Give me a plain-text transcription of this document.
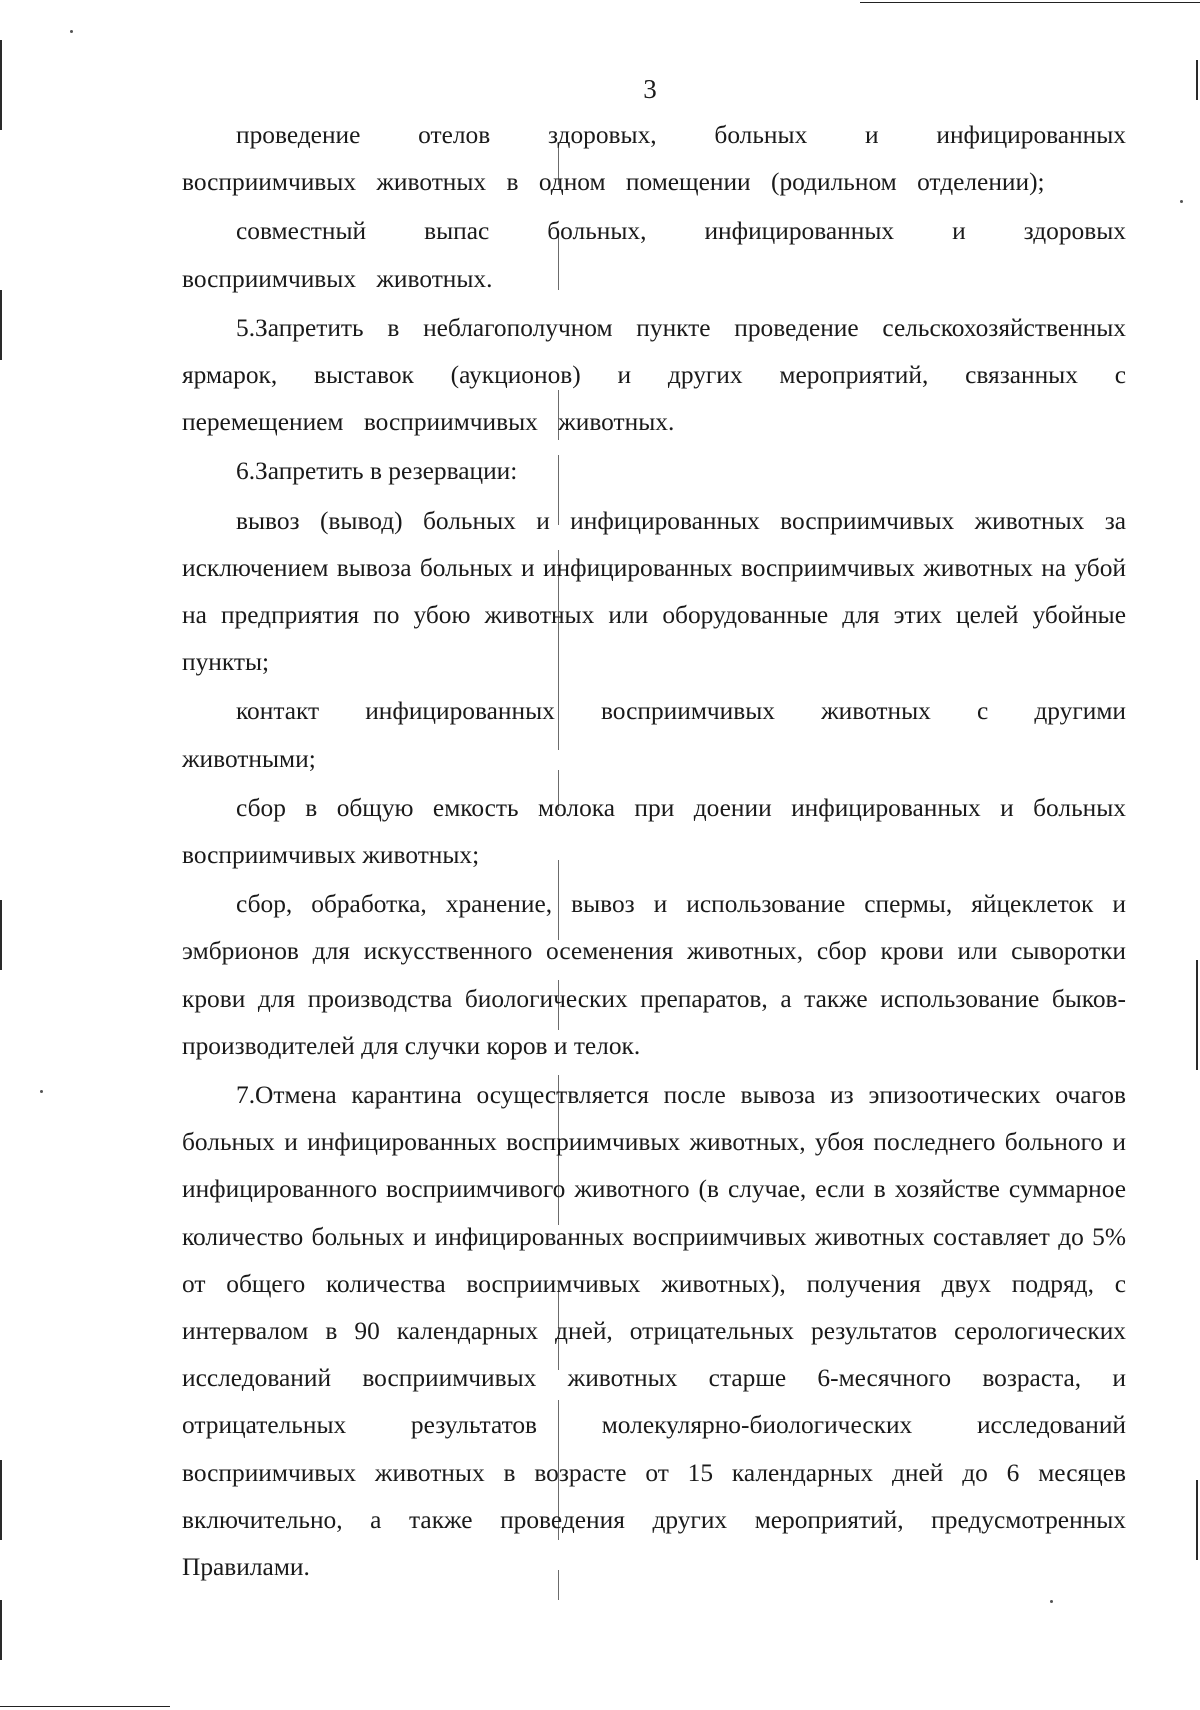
3

проведение отелов здоровых, больных и инфицированных восприимчивых животных в одном помещении (родильном отделении);

совместный выпас больных, инфицированных и здоровых восприимчивых животных.

5.Запретить в неблагополучном пункте проведение сельскохозяйственных ярмарок, выставок (аукционов) и других мероприятий, связанных с перемещением восприимчивых животных.

6.Запретить в резервации:

вывоз (вывод) больных и инфицированных восприимчивых животных за исключением вывоза больных и инфицированных восприимчивых животных на убой на предприятия по убою животных или оборудованные для этих целей убойные пункты;

контакт инфицированных восприимчивых животных с другими животными;

сбор в общую емкость молока при доении инфицированных и больных восприимчивых животных;

сбор, обработка, хранение, вывоз и использование спермы, яйцеклеток и эмбрионов для искусственного осеменения животных, сбор крови или сыворотки крови для производства биологических препаратов, а также использование быков-производителей для случки коров и телок.

7.Отмена карантина осуществляется после вывоза из эпизоотических очагов больных и инфицированных восприимчивых животных, убоя последнего больного и инфицированного восприимчивого животного (в случае, если в хозяйстве суммарное количество больных и инфицированных восприимчивых животных составляет до 5% от общего количества восприимчивых животных), получения двух подряд, с интервалом в 90 календарных дней, отрицательных результатов серологических исследований восприимчивых животных старше 6-месячного возраста, и отрицательных результатов молекулярно-биологических исследований восприимчивых животных в возрасте от 15 календарных дней до 6 месяцев включительно, а также проведения других мероприятий, предусмотренных Правилами.
